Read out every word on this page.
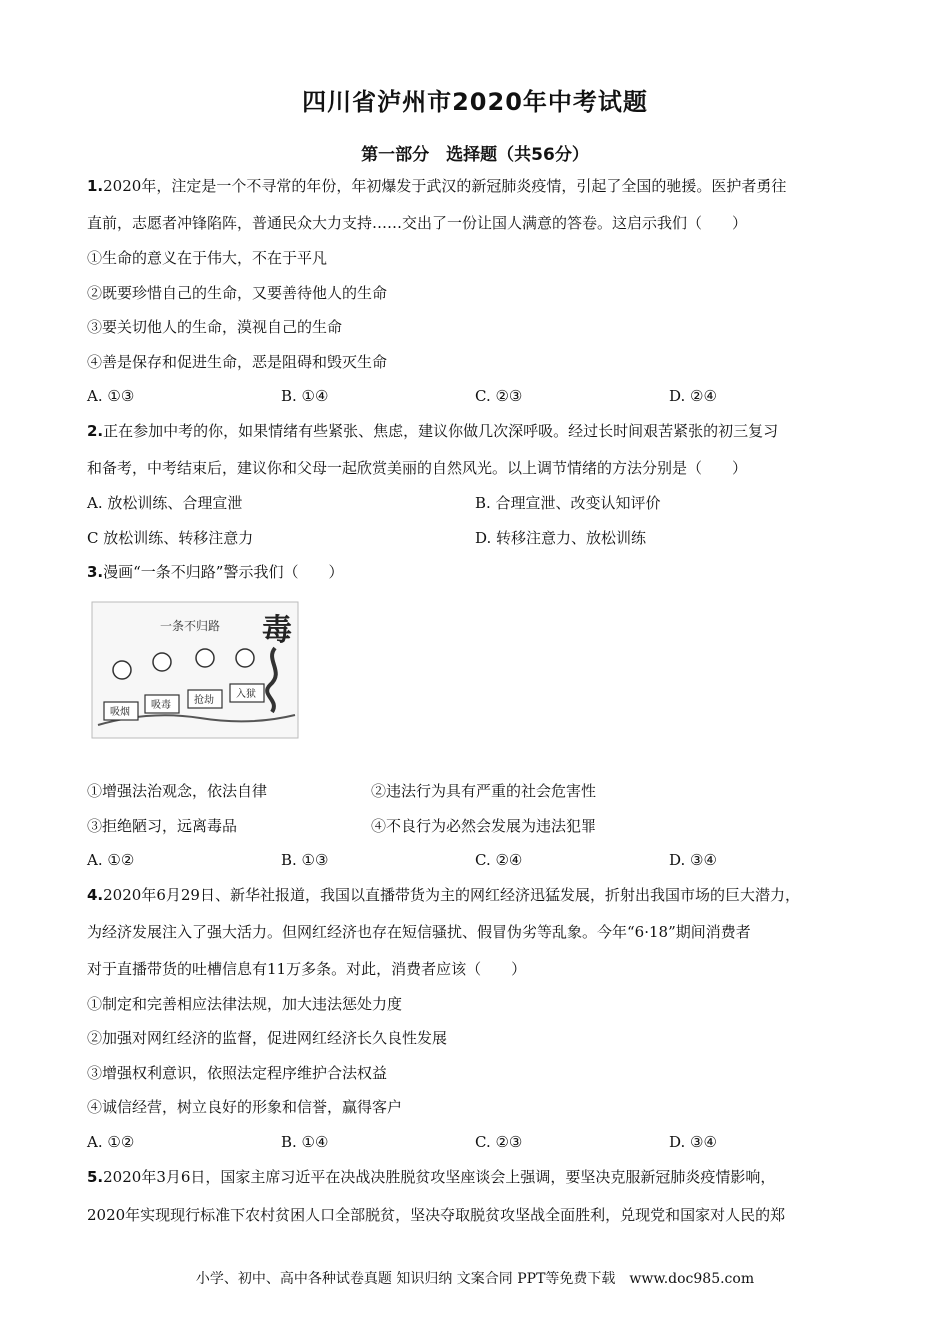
四川省泸州市2020年中考试题
第一部分　选择题（共56分）
1.2020年，注定是一个不寻常的年份，年初爆发于武汉的新冠肺炎疫情，引起了全国的驰援。医护者勇往
直前，志愿者冲锋陷阵，普通民众大力支持……交出了一份让国人满意的答卷。这启示我们（　　）
①生命的意义在于伟大，不在于平凡
②既要珍惜自己的生命，又要善待他人的生命
③要关切他人的生命，漠视自己的生命
④善是保存和促进生命，恶是阻碍和毁灭生命
A. ①③	B. ①④	C. ②③	D. ②④
2.正在参加中考的你，如果情绪有些紧张、焦虑，建议你做几次深呼吸。经过长时间艰苦紧张的初三复习
和备考，中考结束后，建议你和父母一起欣赏美丽的自然风光。以上调节情绪的方法分别是（　　）
A. 放松训练、合理宣泄	B. 合理宣泄、改变认知评价
C 放松训练、转移注意力	D. 转移注意力、放松训练
3.漫画“一条不归路”警示我们（　　）
一条不归路 毒
吸烟
吸毒 抢劫
入狱
①增强法治观念，依法自律	②违法行为具有严重的社会危害性
③拒绝陋习，远离毒品	④不良行为必然会发展为违法犯罪
A. ①②	B. ①③	C. ②④	D. ③④
4.2020年6月29日、新华社报道，我国以直播带货为主的网红经济迅猛发展，折射出我国市场的巨大潜力，
为经济发展注入了强大活力。但网红经济也存在短信骚扰、假冒伪劣等乱象。今年“6·18”期间消费者
对于直播带货的吐槽信息有11万多条。对此，消费者应该（　　）
①制定和完善相应法律法规，加大违法惩处力度
②加强对网红经济的监督，促进网红经济长久良性发展
③增强权利意识，依照法定程序维护合法权益
④诚信经营，树立良好的形象和信誉，赢得客户
A. ①②	B. ①④	C. ②③	D. ③④
5.2020年3月6日，国家主席习近平在决战决胜脱贫攻坚座谈会上强调，要坚决克服新冠肺炎疫情影响，
2020年实现现行标准下农村贫困人口全部脱贫，坚决夺取脱贫攻坚战全面胜利，兑现党和国家对人民的郑
小学、初中、高中各种试卷真题 知识归纳 文案合同 PPT等免费下载　www.doc985.com
